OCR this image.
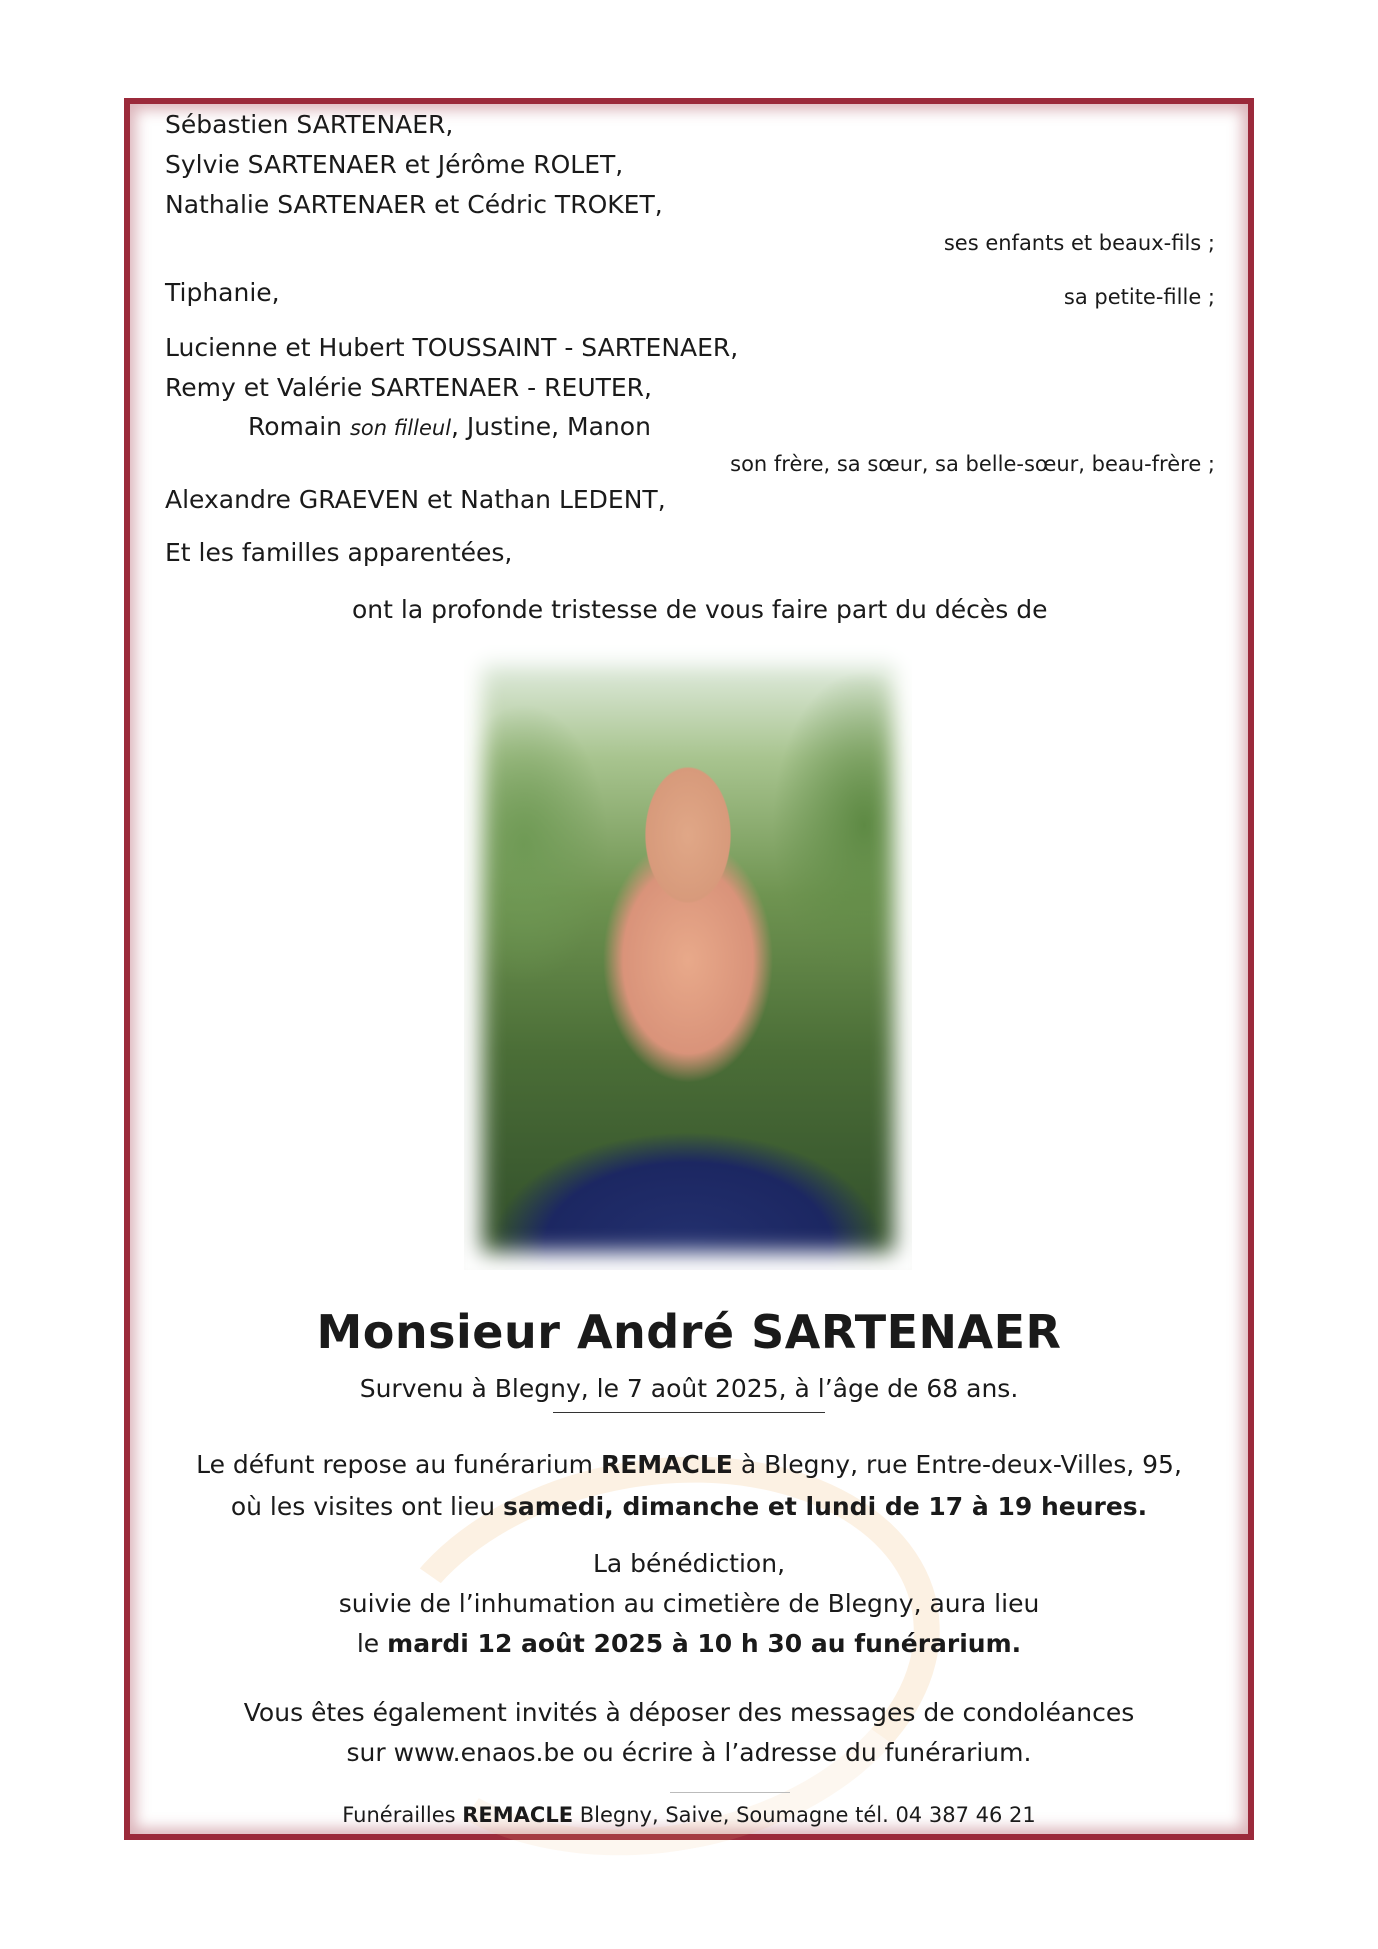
Sébastien SARTENAER,
Sylvie SARTENAER et Jérôme ROLET,
Nathalie SARTENAER et Cédric TROKET,
ses enfants et beaux-fils ;
Tiphanie,	sa petite-fille ;
Lucienne et Hubert TOUSSAINT - SARTENAER,
Remy et Valérie SARTENAER - REUTER,
Romain son filleul, Justine, Manon
son frère, sa sœur, sa belle-sœur, beau-frère ;
Alexandre GRAEVEN et Nathan LEDENT,
Et les familles apparentées,
ont la profonde tristesse de vous faire part du décès de
Monsieur André SARTENAER
Survenu à Blegny, le 7 août 2025, à l’âge de 68 ans.
Le défunt repose au funérarium REMACLE à Blegny, rue Entre-deux-Villes, 95,
où les visites ont lieu samedi, dimanche et lundi de 17 à 19 heures.
La bénédiction,
suivie de l’inhumation au cimetière de Blegny, aura lieu
le mardi 12 août 2025 à 10 h 30 au funérarium.
Vous êtes également invités à déposer des messages de condoléances
sur www.enaos.be ou écrire à l’adresse du funérarium.
Funérailles REMACLE Blegny, Saive, Soumagne tél. 04 387 46 21
